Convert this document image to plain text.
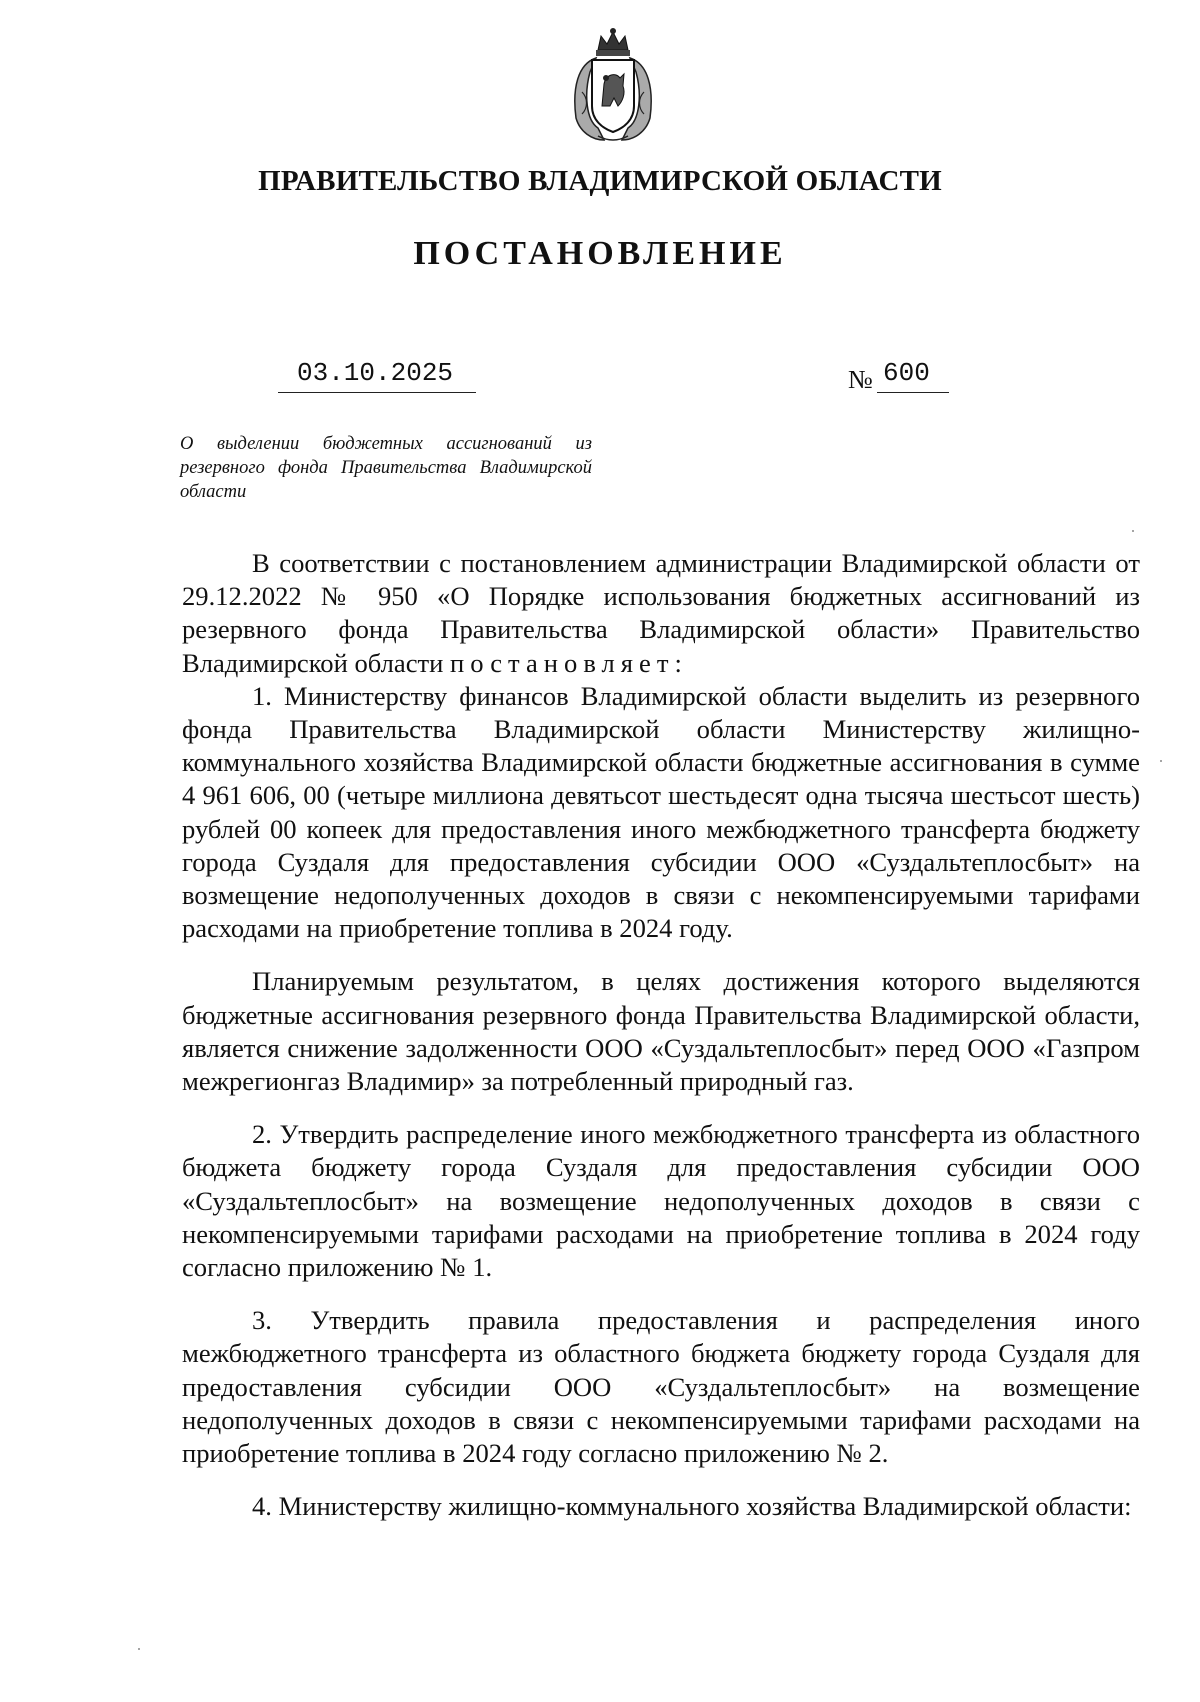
ПРАВИТЕЛЬСТВО ВЛАДИМИРСКОЙ ОБЛАСТИ
ПОСТАНОВЛЕНИЕ
03.10.2025	№ 600
О выделении бюджетных ассигнований из резервного фонда Правительства Владимирской области

В соответствии с постановлением администрации Владимирской области от 29.12.2022 № 950 «О Порядке использования бюджетных ассигнований из резервного фонда Правительства Владимирской области» Правительство Владимирской области постановляет:

1. Министерству финансов Владимирской области выделить из резервного фонда Правительства Владимирской области Министерству жилищно-коммунального хозяйства Владимирской области бюджетные ассигнования в сумме 4 961 606, 00 (четыре миллиона девятьсот шестьдесят одна тысяча шестьсот шесть) рублей 00 копеек для предоставления иного межбюджетного трансферта бюджету города Суздаля для предоставления субсидии ООО «Суздальтеплосбыт» на возмещение недополученных доходов в связи с некомпенсируемыми тарифами расходами на приобретение топлива в 2024 году.

Планируемым результатом, в целях достижения которого выделяются бюджетные ассигнования резервного фонда Правительства Владимирской области, является снижение задолженности ООО «Суздальтеплосбыт» перед ООО «Газпром межрегионгаз Владимир» за потребленный природный газ.

2. Утвердить распределение иного межбюджетного трансферта из областного бюджета бюджету города Суздаля для предоставления субсидии ООО «Суздальтеплосбыт» на возмещение недополученных доходов в связи с некомпенсируемыми тарифами расходами на приобретение топлива в 2024 году согласно приложению № 1.

3. Утвердить правила предоставления и распределения иного межбюджетного трансферта из областного бюджета бюджету города Суздаля для предоставления субсидии ООО «Суздальтеплосбыт» на возмещение недополученных доходов в связи с некомпенсируемыми тарифами расходами на приобретение топлива в 2024 году согласно приложению № 2.

4. Министерству жилищно-коммунального хозяйства Владимирской области:
